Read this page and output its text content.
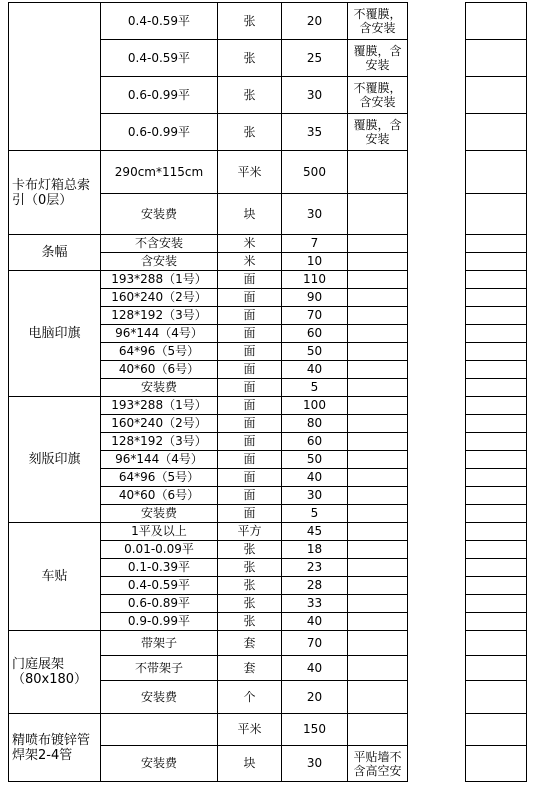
	0.4-0.59平	张	20	不覆膜，含安装
	0.4-0.59平	张	25	覆膜，含安装
	0.6-0.99平	张	30	不覆膜，含安装
	0.6-0.99平	张	35	覆膜，含安装
卡布灯箱总索引（0层）	290cm*115cm	平米	500	
	安装费	块	30	
条幅	不含安装	米	7	
	含安装	米	10	
电脑印旗	193*288（1号）	面	110	
	160*240（2号）	面	90	
	128*192（3号）	面	70	
	96*144（4号）	面	60	
	64*96（5号）	面	50	
	40*60（6号）	面	40	
	安装费	面	5	
刻版印旗	193*288（1号）	面	100	
	160*240（2号）	面	80	
	128*192（3号）	面	60	
	96*144（4号）	面	50	
	64*96（5号）	面	40	
	40*60（6号）	面	30	
	安装费	面	5	
车贴	1平及以上	平方	45	
	0.01-0.09平	张	18	
	0.1-0.39平	张	23	
	0.4-0.59平	张	28	
	0.6-0.89平	张	33	
	0.9-0.99平	张	40	
门庭展架（80x180）	带架子	套	70	
	不带架子	套	40	
	安装费	个	20	
精喷布镀锌管焊架2-4管		平米	150	
	安装费	块	30	平贴墙不含高空安
